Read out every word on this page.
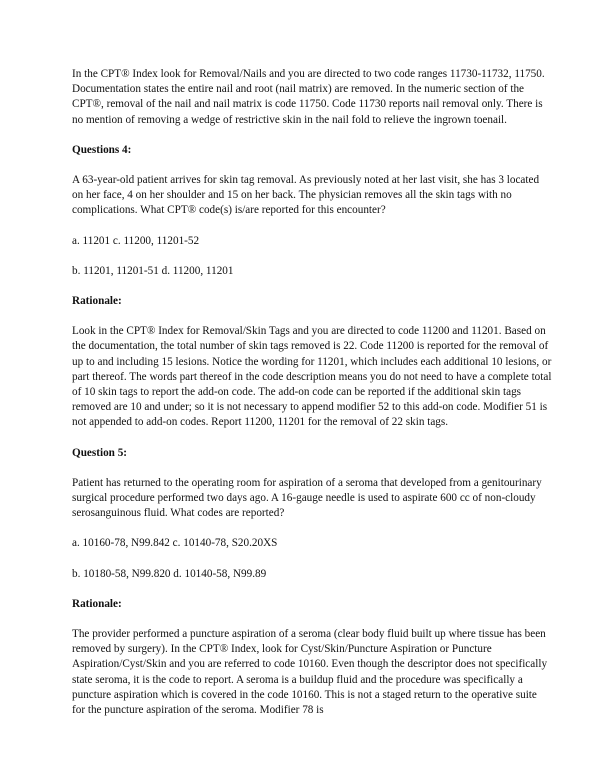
In the CPT® Index look for Removal/Nails and you are directed to two code ranges 11730-11732, 11750. Documentation states the entire nail and root (nail matrix) are removed. In the numeric section of the CPT®, removal of the nail and nail matrix is code 11750. Code 11730 reports nail removal only. There is no mention of removing a wedge of restrictive skin in the nail fold to relieve the ingrown toenail.

Questions 4:

A 63-year-old patient arrives for skin tag removal. As previously noted at her last visit, she has 3 located on her face, 4 on her shoulder and 15 on her back. The physician removes all the skin tags with no complications. What CPT® code(s) is/are reported for this encounter?

a. 11201 c. 11200, 11201-52

b. 11201, 11201-51 d. 11200, 11201

Rationale:

Look in the CPT® Index for Removal/Skin Tags and you are directed to code 11200 and 11201. Based on the documentation, the total number of skin tags removed is 22. Code 11200 is reported for the removal of up to and including 15 lesions. Notice the wording for 11201, which includes each additional 10 lesions, or part thereof. The words part thereof in the code description means you do not need to have a complete total of 10 skin tags to report the add-on code. The add-on code can be reported if the additional skin tags removed are 10 and under; so it is not necessary to append modifier 52 to this add-on code. Modifier 51 is not appended to add-on codes. Report 11200, 11201 for the removal of 22 skin tags.

Question 5:

Patient has returned to the operating room for aspiration of a seroma that developed from a genitourinary surgical procedure performed two days ago. A 16-gauge needle is used to aspirate 600 cc of non-cloudy serosanguinous fluid. What codes are reported?

a. 10160-78, N99.842 c. 10140-78, S20.20XS

b. 10180-58, N99.820 d. 10140-58, N99.89

Rationale:

The provider performed a puncture aspiration of a seroma (clear body fluid built up where tissue has been removed by surgery). In the CPT® Index, look for Cyst/Skin/Puncture Aspiration or Puncture Aspiration/Cyst/Skin and you are referred to code 10160. Even though the descriptor does not specifically state seroma, it is the code to report. A seroma is a buildup fluid and the procedure was specifically a puncture aspiration which is covered in the code 10160. This is not a staged return to the operative suite for the puncture aspiration of the seroma. Modifier 78 is
